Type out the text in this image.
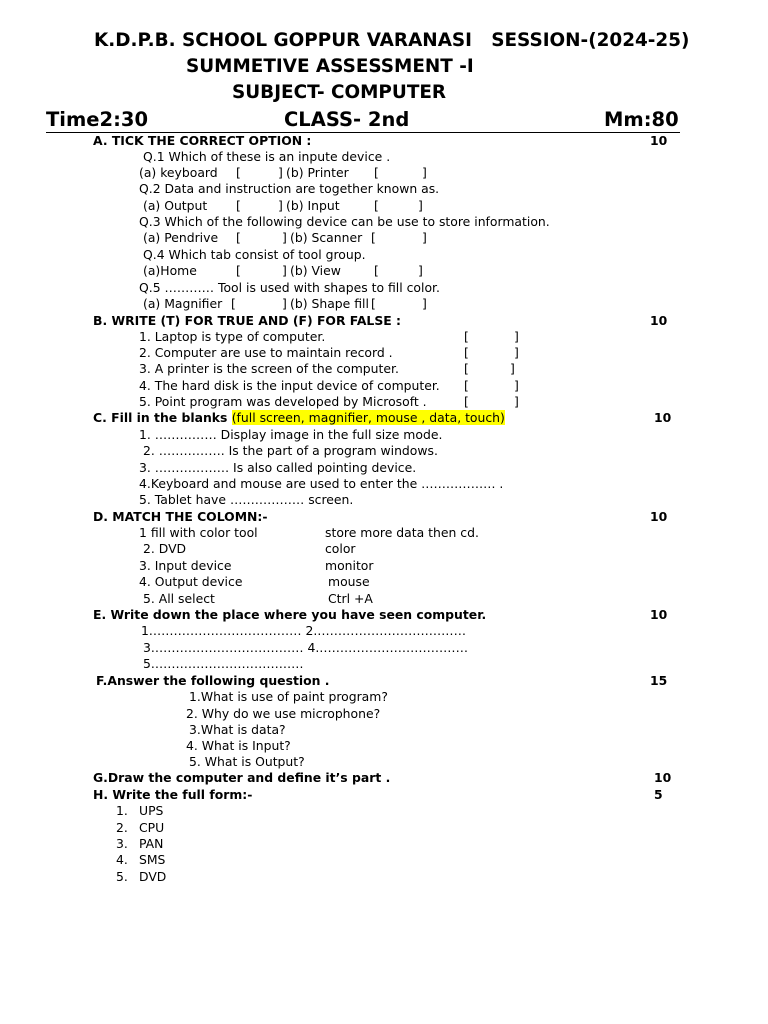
K.D.P.B. SCHOOL GOPPUR VARANASI   SESSION-(2024-25)
SUMMETIVE ASSESSMENT -I
SUBJECT- COMPUTER
Time2:30	CLASS- 2nd	Mm:80
A. TICK THE CORRECT OPTION :	10
Q.1 Which of these is an inpute device .
(a) keyboard [	] (b) Printer [	]
Q.2 Data and instruction are together known as.
(a) Output [	] (b) Input	[	]
Q.3 Which of the following device can be use to store information.
(a) Pendrive [	] (b) Scanner [	]
Q.4 Which tab consist of tool group.
(a)Home	[	] (b) View	[	]
Q.5 ………… Tool is used with shapes to fill color.
(a) Magnifier [	] (b) Shape fill [	]
B. WRITE (T) FOR TRUE AND (F) FOR FALSE :	10
1. Laptop is type of computer.	[	]
2. Computer are use to maintain record .	[	]
3. A printer is the screen of the computer.	[	]
4. The hard disk is the input device of computer. [	]
5. Point program was developed by Microsoft .	[	]
C. Fill in the blanks (full screen, magnifier, mouse , data, touch)	10
1. …………… Display image in the full size mode.
2. ……………. Is the part of a program windows.
3. ……………… Is also called pointing device.
4.Keyboard and mouse are used to enter the ……………… .
5. Tablet have ……………… screen.
D. MATCH THE COLOMN:-	10
1 fill with color tool	store more data then cd.
2. DVD	color
3. Input device	monitor
4. Output device	mouse
5. All select	Ctrl +A
E. Write down the place where you have seen computer.	10
1.……………………………… 2.………………………………
3.……………………………… 4.………………………………
5.………………………………
F.Answer the following question .	15
1.What is use of paint program?
2. Why do we use microphone?
3.What is data?
4. What is Input?
5. What is Output?
G.Draw the computer and define it’s part .	10
H. Write the full form:-	5
1. UPS
2. CPU
3. PAN
4. SMS
5. DVD
